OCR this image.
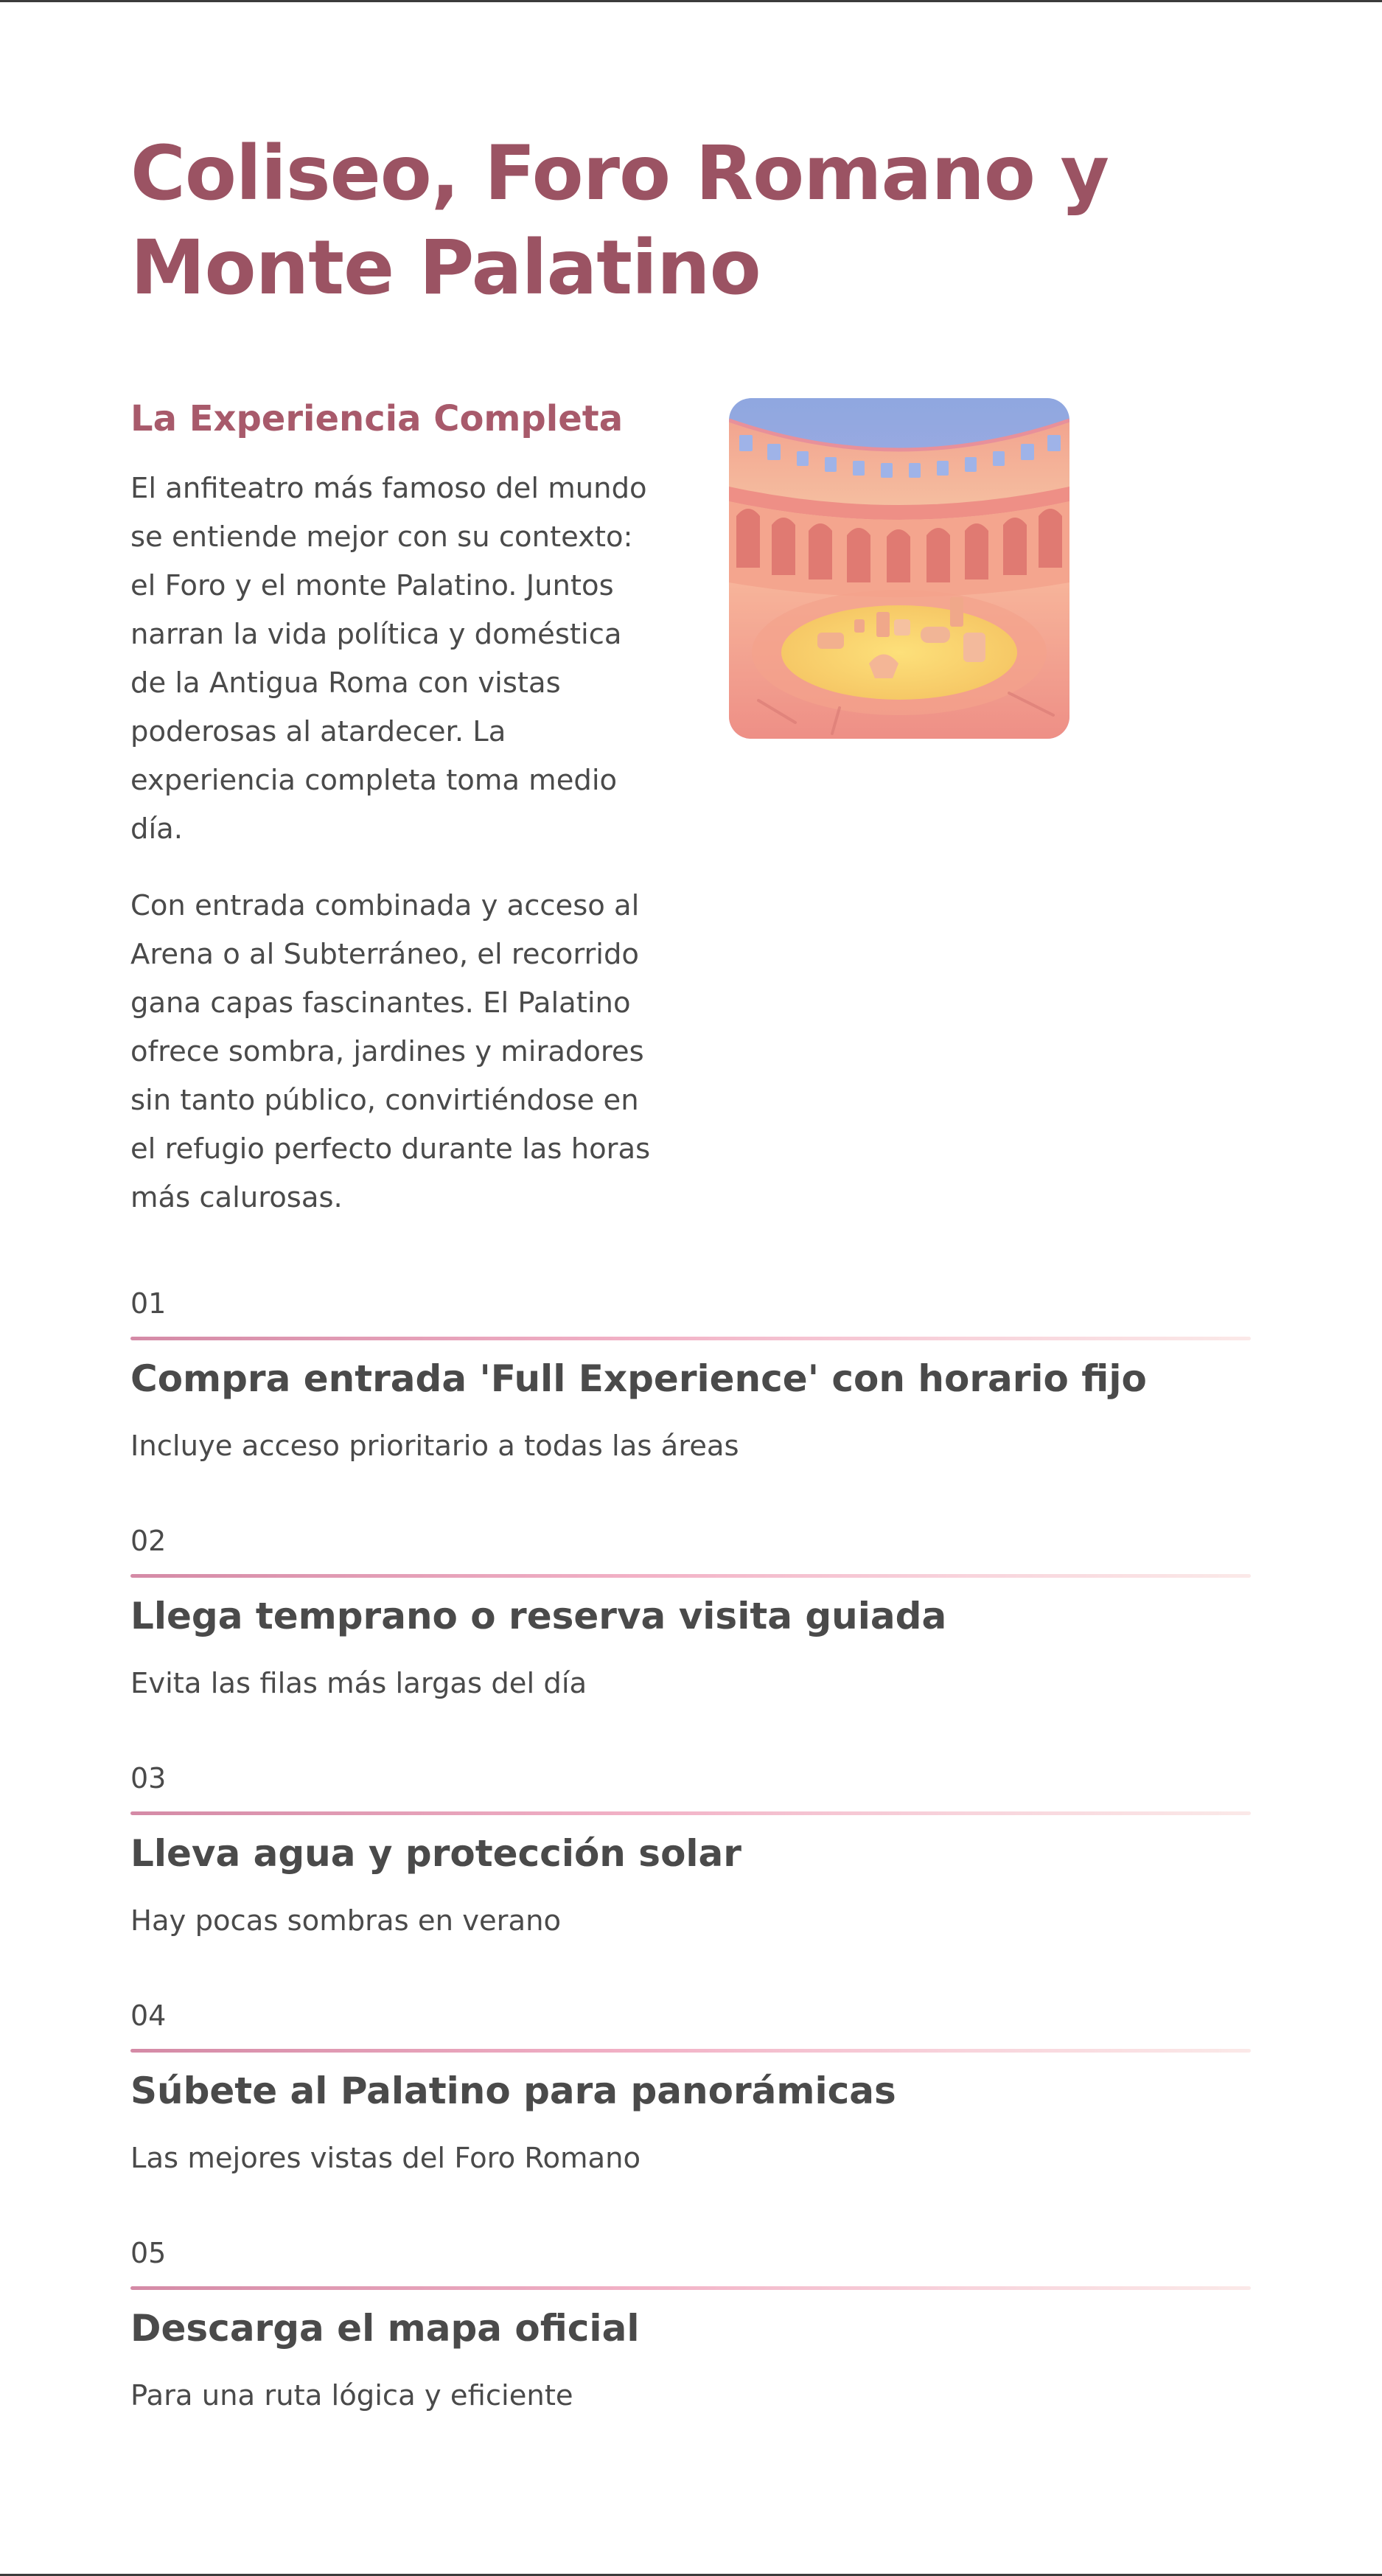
Coliseo, Foro Romano y Monte Palatino
La Experiencia Completa

El anfiteatro más famoso del mundo se entiende mejor con su contexto: el Foro y el monte Palatino. Juntos narran la vida política y doméstica de la Antigua Roma con vistas poderosas al atardecer. La experiencia completa toma medio día.

Con entrada combinada y acceso al Arena o al Subterráneo, el recorrido gana capas fascinantes. El Palatino ofrece sombra, jardines y miradores sin tanto público, convirtiéndose en el refugio perfecto durante las horas más calurosas.

01
Compra entrada 'Full Experience' con horario fijo

Incluye acceso prioritario a todas las áreas

02
Llega temprano o reserva visita guiada

Evita las filas más largas del día

03
Lleva agua y protección solar

Hay pocas sombras en verano

04
Súbete al Palatino para panorámicas

Las mejores vistas del Foro Romano

05
Descarga el mapa oficial

Para una ruta lógica y eficiente
